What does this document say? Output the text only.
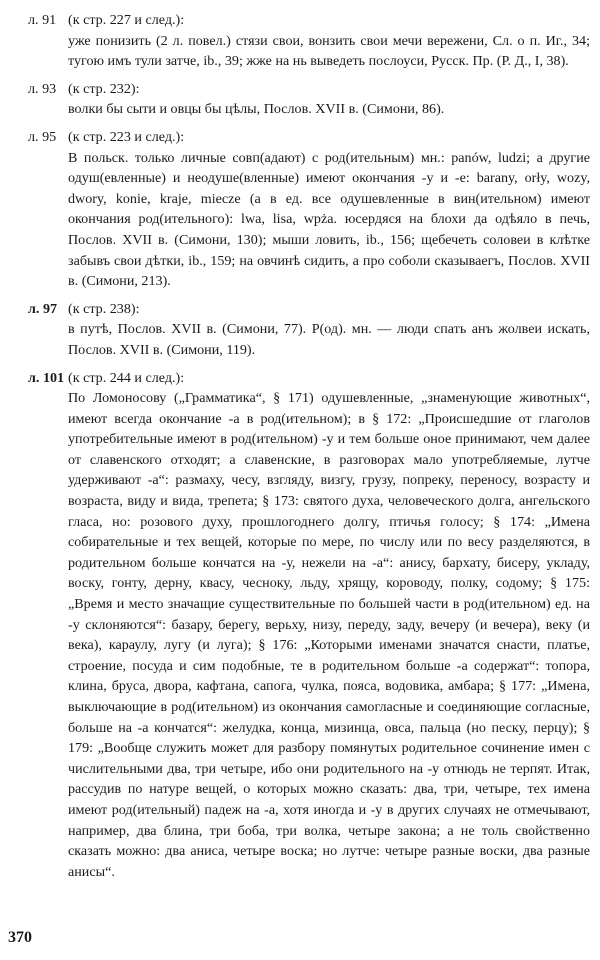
л. 91 (к стр. 227 и след.):

уже понизить (2 л. повел.) стязи свои, вонзить свои мечи вережени, Сл. о п. Иг., 34; тугою имъ тули затче, ib., 39; жже на нь выведеть послоуси, Русск. Пр. (Р. Д., I, 38).

л. 93 (к стр. 232):

волки бы сыти и овцы бы цѣлы, Послов. XVII в. (Симони, 86).

л. 95 (к стр. 223 и след.):

В польск. только личные совп(адают) с род(ительным) мн.: panów, ludzi; а другие одуш(евленные) и неодуше(вленные) имеют окончания -y и -e: barany, orły, wozy, dwory, konie, kraje, miecze (а в ед. все одушевленные в вин(ительном) имеют окончания род(ительного): lwa, lisa, wpża. юсердяся на блохи да одѣяло в печь, Послов. XVII в. (Симони, 130); мыши ловить, ib., 156; щебечеть соловеи в клѣтке забывъ свои дѣтки, ib., 159; на овчинѣ сидить, а про соболи сказываегъ, Послов. XVII в. (Симони, 213).

л. 97 (к стр. 238):

в путѣ, Послов. XVII в. (Симони, 77). Р(од). мн. — люди спать анъ жолвеи искать, Послов. XVII в. (Симони, 119).

л. 101 (к стр. 244 и след.):

По Ломоносову („Грамматика“, § 171) одушевленные, „знаменующие животных“, имеют всегда окончание -а в род(ительном); в § 172: „Происшедшие от глаголов употребительные имеют в род(ительном) -у и тем больше оное принимают, чем далее от славенского отходят; а славенские, в разговорах мало употребляемые, лутче удерживают -а“: размаху, чесу, взгляду, визгу, грузу, попреку, переносу, возрасту и возраста, виду и вида, трепета; § 173: святого духа, человеческого долга, ангельского гласа, но: розового духу, прошлогоднего долгу, птичья голосу; § 174: „Имена собирательные и тех вещей, которые по мере, по числу или по весу разделяются, в родительном больше кончатся на -у, нежели на -а“: анису, бархату, бисеру, укладу, воску, гонту, дерну, квасу, чесноку, льду, хрящу, короводу, полку, содому; § 175: „Время и место значащие существительные по большей части в род(ительном) ед. на -у склоняются“: базару, берегу, верьху, низу, переду, заду, вечеру (и вечера), веку (и века), караулу, лугу (и луга); § 176: „Которыми именами значатся снасти, платье, строение, посуда и сим подобные, те в родительном больше -а содержат“: топора, клина, бруса, двора, кафтана, сапога, чулка, пояса, водовика, амбара; § 177: „Имена, выключающие в род(ительном) из окончания самогласные и соединяющие согласные, больше на -а кончатся“: желудка, конца, мизинца, овса, пальца (но песку, перцу); § 179: „Вообще служить может для разбору помянутых родительное сочинение имен с числительными два, три четыре, ибо они родительного на -у отнюдь не терпят. Итак, рассудив по натуре вещей, о которых можно сказать: два, три, четыре, тех имена имеют род(ительный) падеж на -а, хотя иногда и -у в других случаях не отмечывают, например, два блина, три боба, три волка, четыре закона; а не толь свойственно сказать можно: два аниса, четыре воска; но лутче: четыре разные воски, два разные анисы“.

370
